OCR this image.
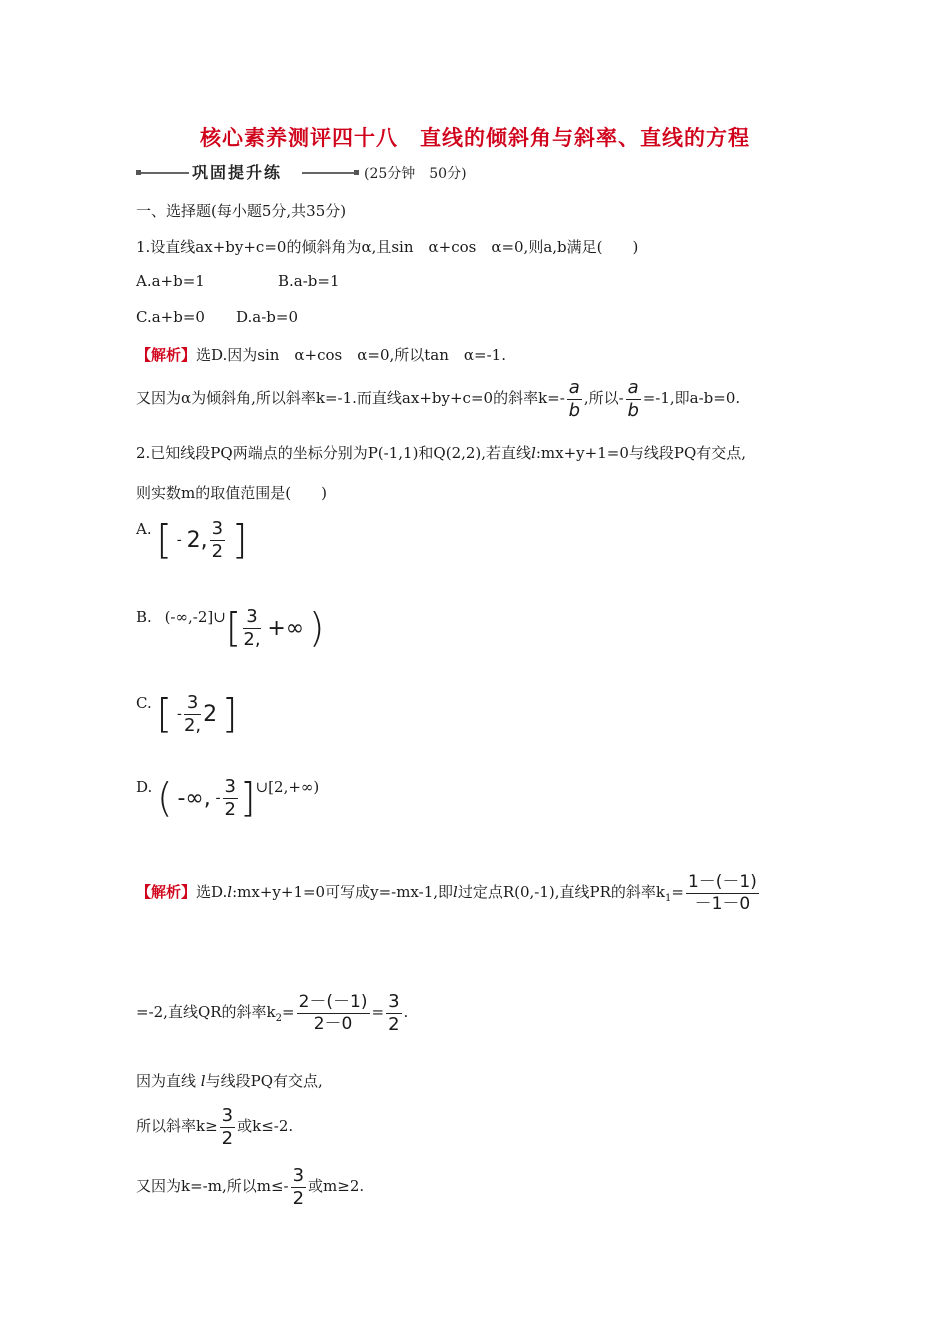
核心素养测评四十八　直线的倾斜角与斜率、直线的方程
巩固提升练	(25分钟　50分)
一、选择题(每小题5分,共35分)
1.设直线ax+by+c=0的倾斜角为α,且sin　α+cos　α=0,则a,b满足(　　)
A.a+b=1	B.a-b=1
C.a+b=0 D.a-b=0
【解析】选D.因为sin　α+cos　α=0,所以tan　α=-1.
又因为α为倾斜角,所以斜率k=-1.而直线ax+by+c=0的斜率$k=- \frac{a}{b}$ ,所以- $\frac{a}{b} =-1$,即a-b=0.
2.已知线段PQ两端点的坐标分别为P(-1,1)和Q(2,2),若直线l:mx+y+1=0与线段PQ有交点,
则实数m的取值范围是(　　)
A. [ - 2, $\frac{3}{2}$ ]
B. (-∞,-2]∪[ $\frac{3}{2,}$ +∞ )
C. [ - $\frac{3}{2,} 2$ ]
D. ( -∞, - $\frac{3}{2}$ ]∪[2,+∞)
【解析】选D.l:mx+y+1=0可写成y=-mx-1,即l过定点R(0,-1),直线PR的斜率$k_1= \frac{1-(-1)}{-1-0}$
=-2,直线QR的斜率$k_2= \frac{2-(-1)}{2-0} = \frac{3}{2}$ .
因为直线 l与线段PQ有交点,
所以斜率$k\ge \frac{3}{2}$ 或k≤-2.
又因为k=-m,所以$m\le- \frac{3}{2}$ 或m≥2.
